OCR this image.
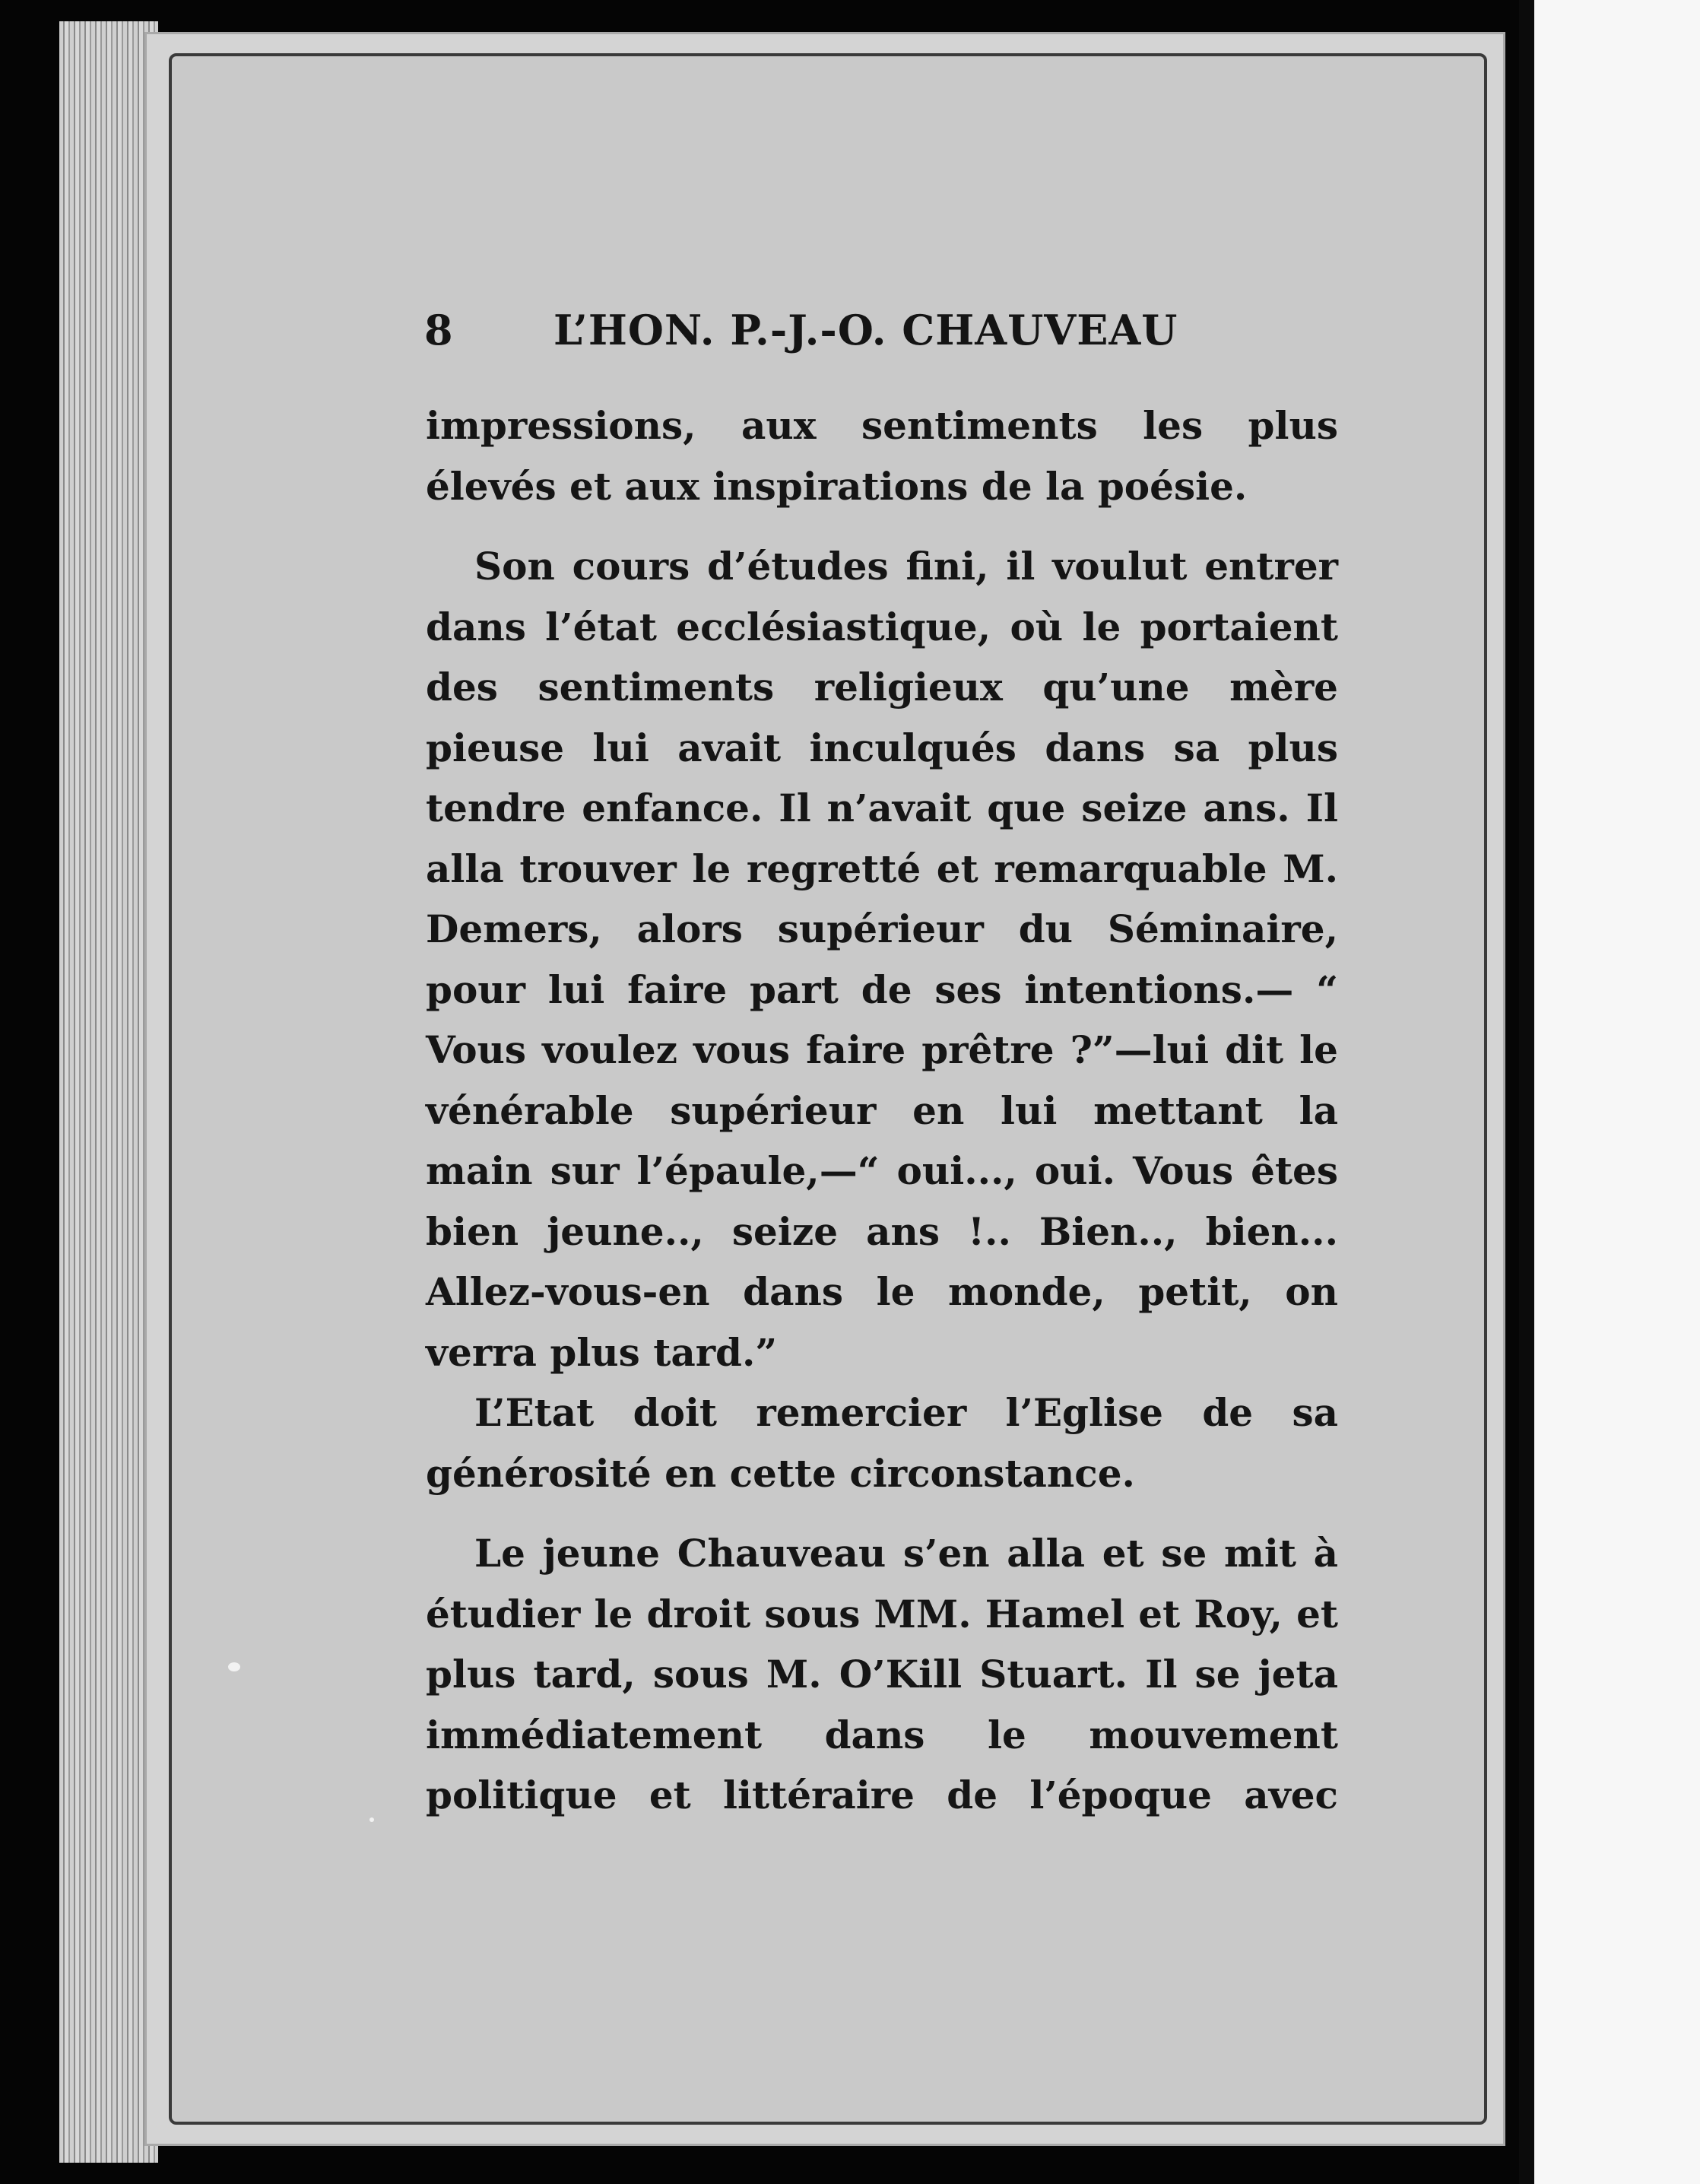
8 L’HON. P.-J.-O. CHAUVEAU

impressions, aux sentiments les plus élevés et aux inspirations de la poésie.

Son cours d’études fini, il voulut entrer dans l’état ecclésiastique, où le portaient des sentiments religieux qu’une mère pieuse lui avait inculqués dans sa plus tendre enfance. Il n’avait que seize ans. Il alla trouver le regretté et remarquable M. Demers, alors supérieur du Séminaire, pour lui faire part de ses intentions.— “ Vous voulez vous faire prêtre ?”—lui dit le vénérable supérieur en lui mettant la main sur l’épaule,—“ oui..., oui. Vous êtes bien jeune.., seize ans !.. Bien.., bien... Allez-vous-en dans le monde, petit, on verra plus tard.”

L’Etat doit remercier l’Eglise de sa générosité en cette circonstance.

Le jeune Chauveau s’en alla et se mit à étudier le droit sous MM. Hamel et Roy, et plus tard, sous M. O’Kill Stuart. Il se jeta immédiatement dans le mouvement politique et littéraire de l’époque avec
